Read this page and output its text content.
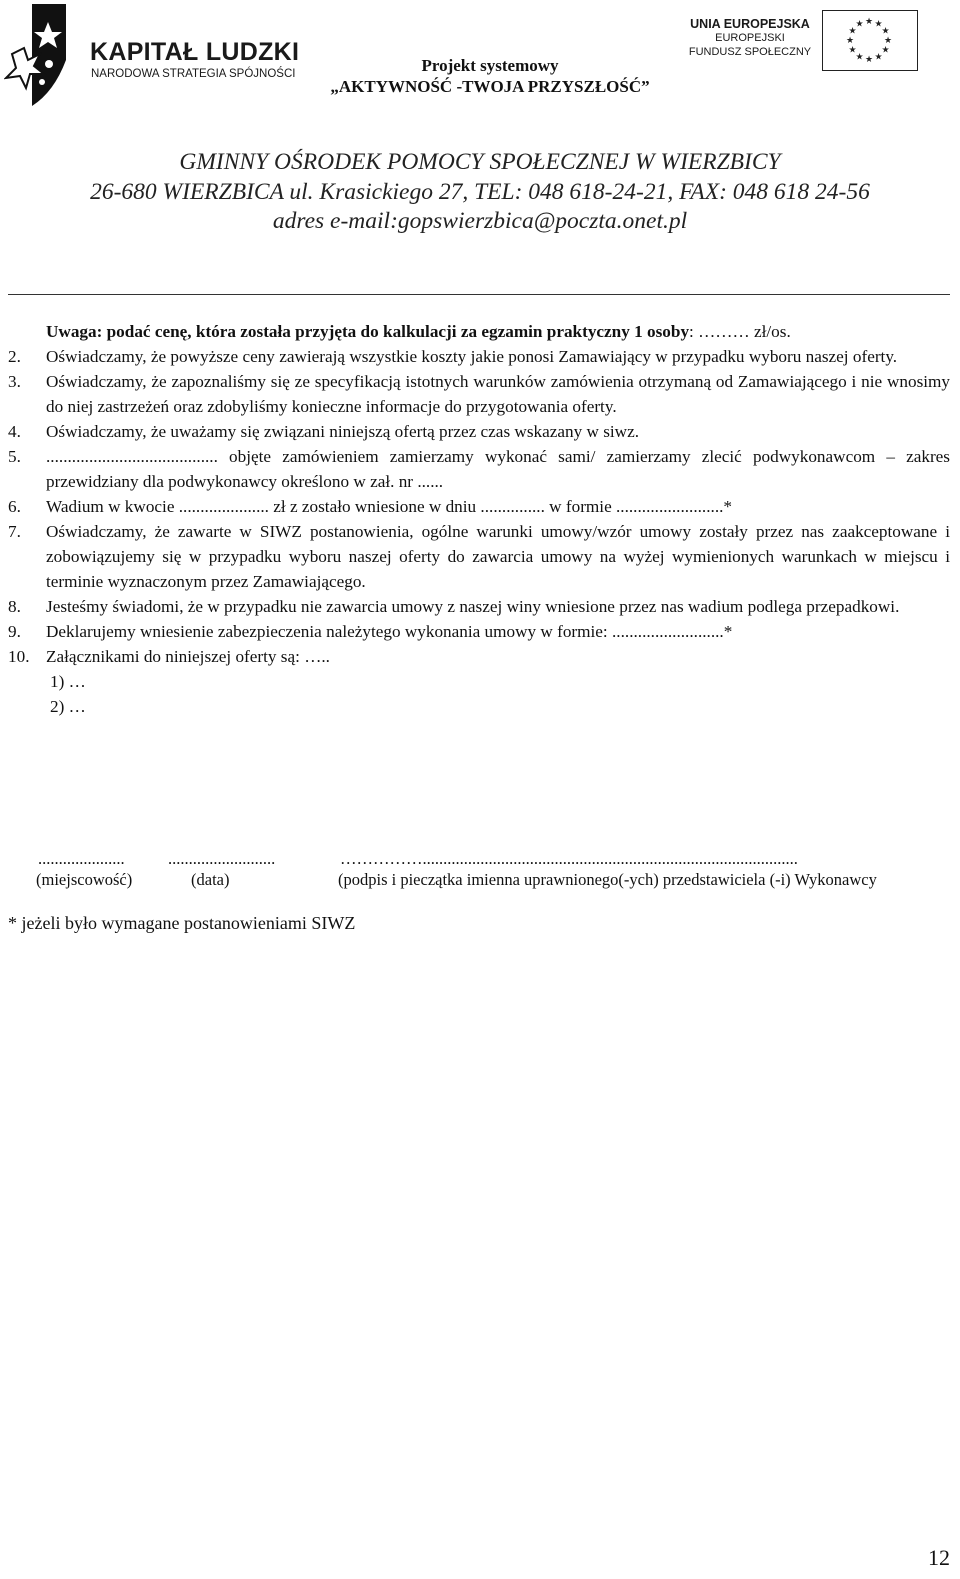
KAPITAŁ LUDZKI
NARODOWA STRATEGIA SPÓJNOŚCI	Projekt systemowy
„AKTYWNOŚĆ -TWOJA PRZYSZŁOŚĆ”
UNIA EUROPEJSKA
EUROPEJSKI
FUNDUSZ SPOŁECZNY
★
★
★
★
★
★
★
★
★ ★ ★
★
GMINNY OŚRODEK POMOCY SPOŁECZNEJ W WIERZBICY
26-680 WIERZBICA ul. Krasickiego 27, TEL: 048 618-24-21, FAX: 048 618 24-56
adres e-mail:gopswierzbica@poczta.onet.pl
Uwaga: podać cenę, która została przyjęta do kalkulacji za egzamin praktyczny 1 osoby: ……… zł/os.
2.	Oświadczamy, że powyższe ceny zawierają wszystkie koszty jakie ponosi Zamawiający w przypadku wyboru naszej oferty.
3.	Oświadczamy, że zapoznaliśmy się ze specyfikacją istotnych warunków zamówienia otrzymaną od Zamawiającego i nie wnosimy do niej zastrzeżeń oraz zdobyliśmy konieczne informacje do przygotowania oferty.
4.	Oświadczamy, że uważamy się związani niniejszą ofertą przez czas wskazany w siwz.
5.	........................................ objęte zamówieniem zamierzamy wykonać sami/ zamierzamy zlecić podwykonawcom – zakres przewidziany dla podwykonawcy określono w zał. nr ......
6.	Wadium w kwocie ..................... zł z zostało wniesione w dniu ............... w formie .........................*
7.	Oświadczamy, że zawarte w SIWZ postanowienia, ogólne warunki umowy/wzór umowy zostały przez nas zaakceptowane i zobowiązujemy się w przypadku wyboru naszej oferty do zawarcia umowy na wyżej wymienionych warunkach w miejscu i terminie wyznaczonym przez Zamawiającego.
8.	Jesteśmy świadomi, że w przypadku nie zawarcia umowy z naszej winy wniesione przez nas wadium podlega przepadkowi.
9.	Deklarujemy wniesienie zabezpieczenia należytego wykonania umowy w formie: ..........................*
10. Załącznikami do niniejszej oferty są: …..
1) …
2) …
.....................	..........................	……………...........................................................................................
(miejscowość)	(data)	(podpis i pieczątka imienna uprawnionego(-ych) przedstawiciela (-i) Wykonawcy
* jeżeli było wymagane postanowieniami SIWZ
12
